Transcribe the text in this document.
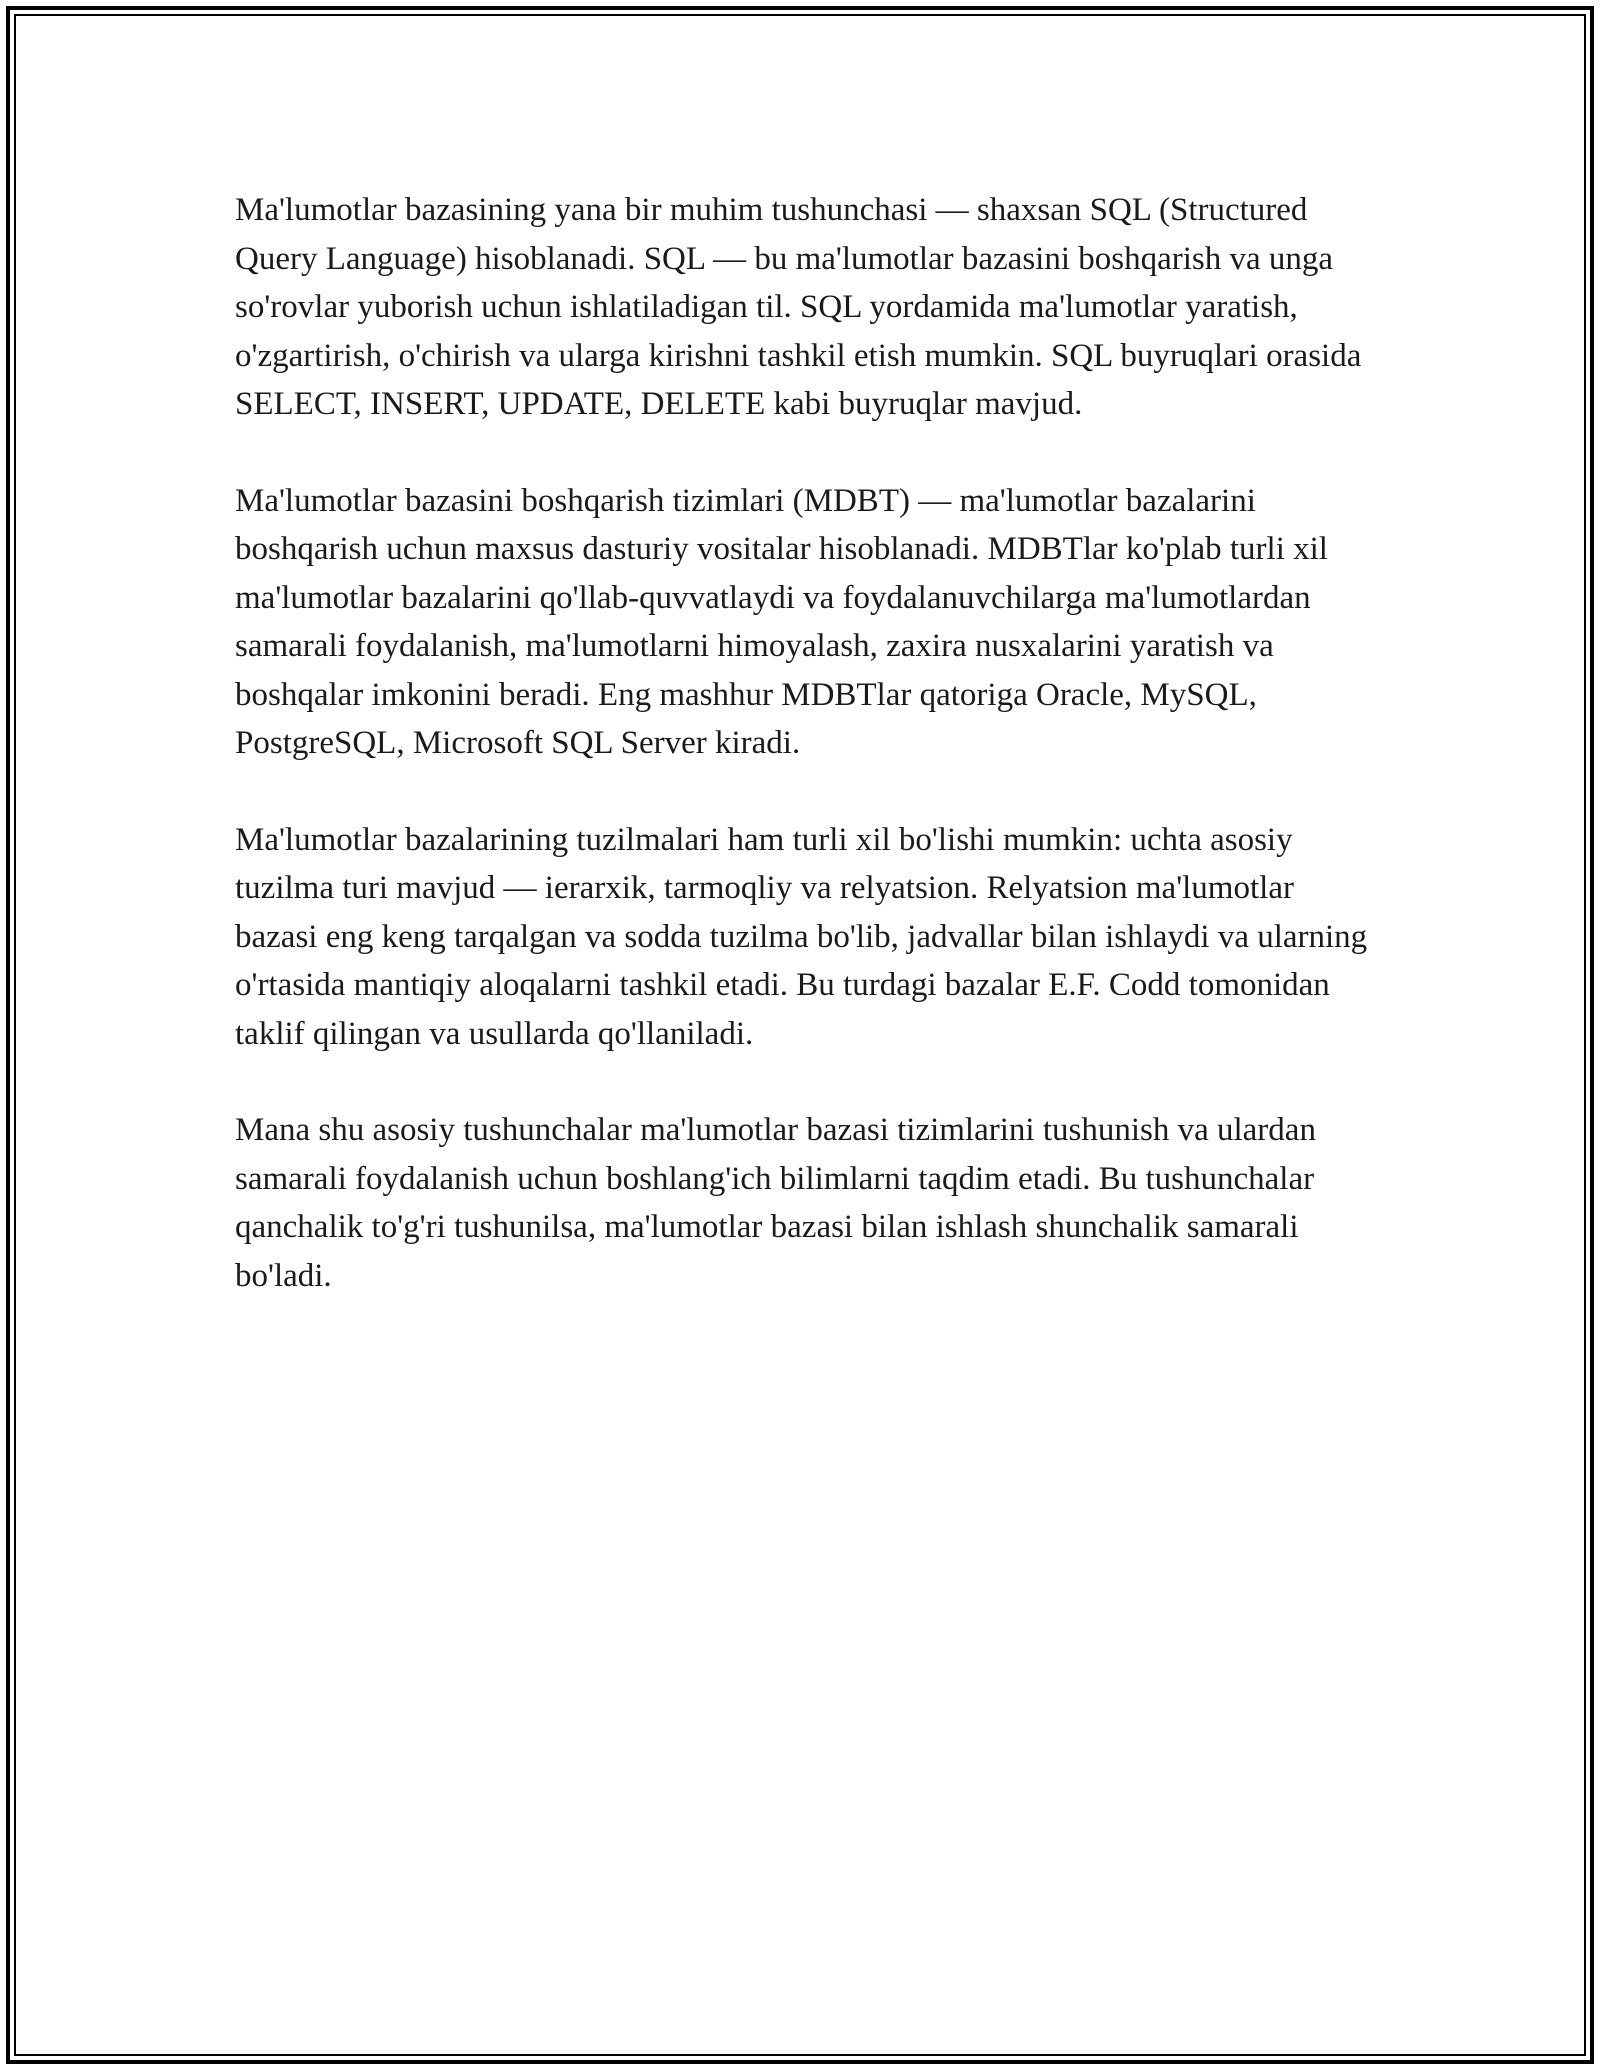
Ma'lumotlar bazasining yana bir muhim tushunchasi — shaxsan SQL (Structured Query Language) hisoblanadi. SQL — bu ma'lumotlar bazasini boshqarish va unga so'rovlar yuborish uchun ishlatiladigan til. SQL yordamida ma'lumotlar yaratish, o'zgartirish, o'chirish va ularga kirishni tashkil etish mumkin. SQL buyruqlari orasida SELECT, INSERT, UPDATE, DELETE kabi buyruqlar mavjud.

Ma'lumotlar bazasini boshqarish tizimlari (MDBT) — ma'lumotlar bazalarini boshqarish uchun maxsus dasturiy vositalar hisoblanadi. MDBTlar ko'plab turli xil ma'lumotlar bazalarini qo'llab-quvvatlaydi va foydalanuvchilarga ma'lumotlardan samarali foydalanish, ma'lumotlarni himoyalash, zaxira nusxalarini yaratish va boshqalar imkonini beradi. Eng mashhur MDBTlar qatoriga Oracle, MySQL, PostgreSQL, Microsoft SQL Server kiradi.

Ma'lumotlar bazalarining tuzilmalari ham turli xil bo'lishi mumkin: uchta asosiy tuzilma turi mavjud — ierarxik, tarmoqliy va relyatsion. Relyatsion ma'lumotlar bazasi eng keng tarqalgan va sodda tuzilma bo'lib, jadvallar bilan ishlaydi va ularning o'rtasida mantiqiy aloqalarni tashkil etadi. Bu turdagi bazalar E.F. Codd tomonidan taklif qilingan va usullarda qo'llaniladi.

Mana shu asosiy tushunchalar ma'lumotlar bazasi tizimlarini tushunish va ulardan samarali foydalanish uchun boshlang'ich bilimlarni taqdim etadi. Bu tushunchalar qanchalik to'g'ri tushunilsa, ma'lumotlar bazasi bilan ishlash shunchalik samarali bo'ladi.
